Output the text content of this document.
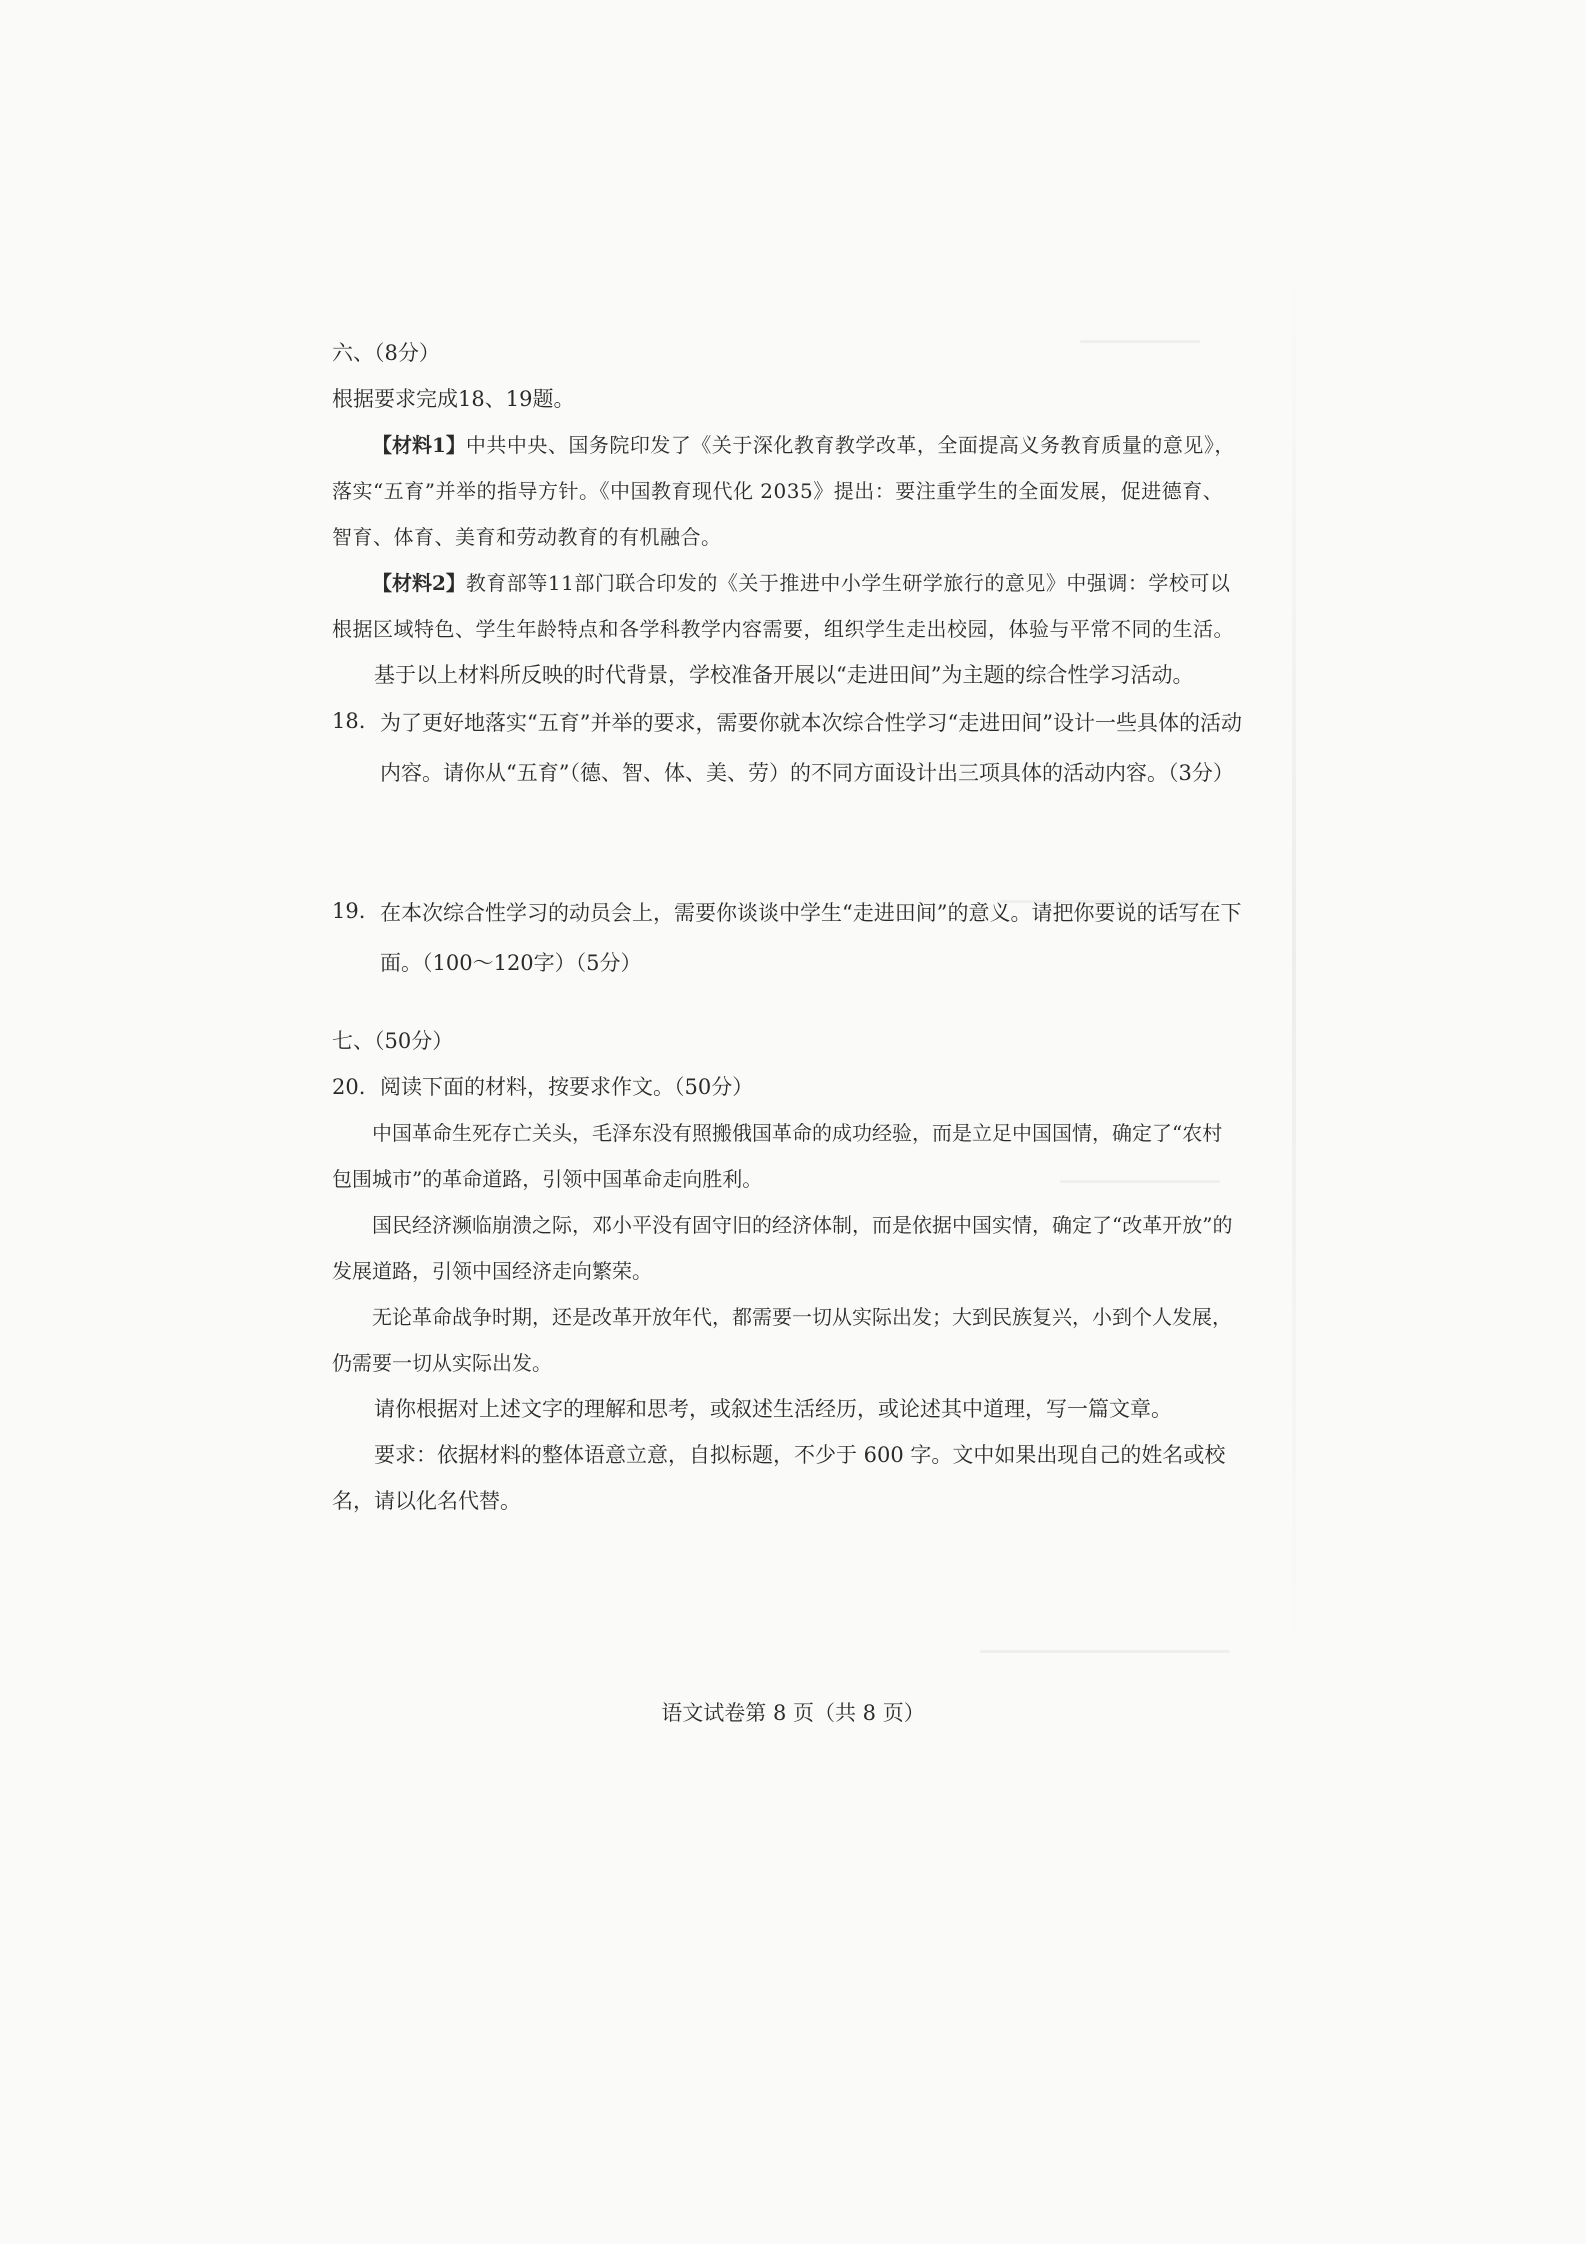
六、（8分）

根据要求完成18、19题。

【材料1】中共中央、国务院印发了《关于深化教育教学改革，全面提高义务教育质量的意见》，落实“五育”并举的指导方针。《中国教育现代化 2035》提出：要注重学生的全面发展，促进德育、智育、体育、美育和劳动教育的有机融合。

【材料2】教育部等11部门联合印发的《关于推进中小学生研学旅行的意见》中强调：学校可以根据区域特色、学生年龄特点和各学科教学内容需要，组织学生走出校园，体验与平常不同的生活。

基于以上材料所反映的时代背景，学校准备开展以“走进田间”为主题的综合性学习活动。

18. 为了更好地落实“五育”并举的要求，需要你就本次综合性学习“走进田间”设计一些具体的活动内容。请你从“五育”（德、智、体、美、劳）的不同方面设计出三项具体的活动内容。（3分）
19. 在本次综合性学习的动员会上，需要你谈谈中学生“走进田间”的意义。请把你要说的话写在下面。（100～120字）（5分）

七、（50分）

20. 阅读下面的材料，按要求作文。（50分）

中国革命生死存亡关头，毛泽东没有照搬俄国革命的成功经验，而是立足中国国情，确定了“农村包围城市”的革命道路，引领中国革命走向胜利。

国民经济濒临崩溃之际，邓小平没有固守旧的经济体制，而是依据中国实情，确定了“改革开放”的发展道路，引领中国经济走向繁荣。

无论革命战争时期，还是改革开放年代，都需要一切从实际出发；大到民族复兴，小到个人发展，仍需要一切从实际出发。

请你根据对上述文字的理解和思考，或叙述生活经历，或论述其中道理，写一篇文章。

要求：依据材料的整体语意立意，自拟标题，不少于 600 字。文中如果出现自己的姓名或校名，请以化名代替。

语文试卷第 8 页（共 8 页）
